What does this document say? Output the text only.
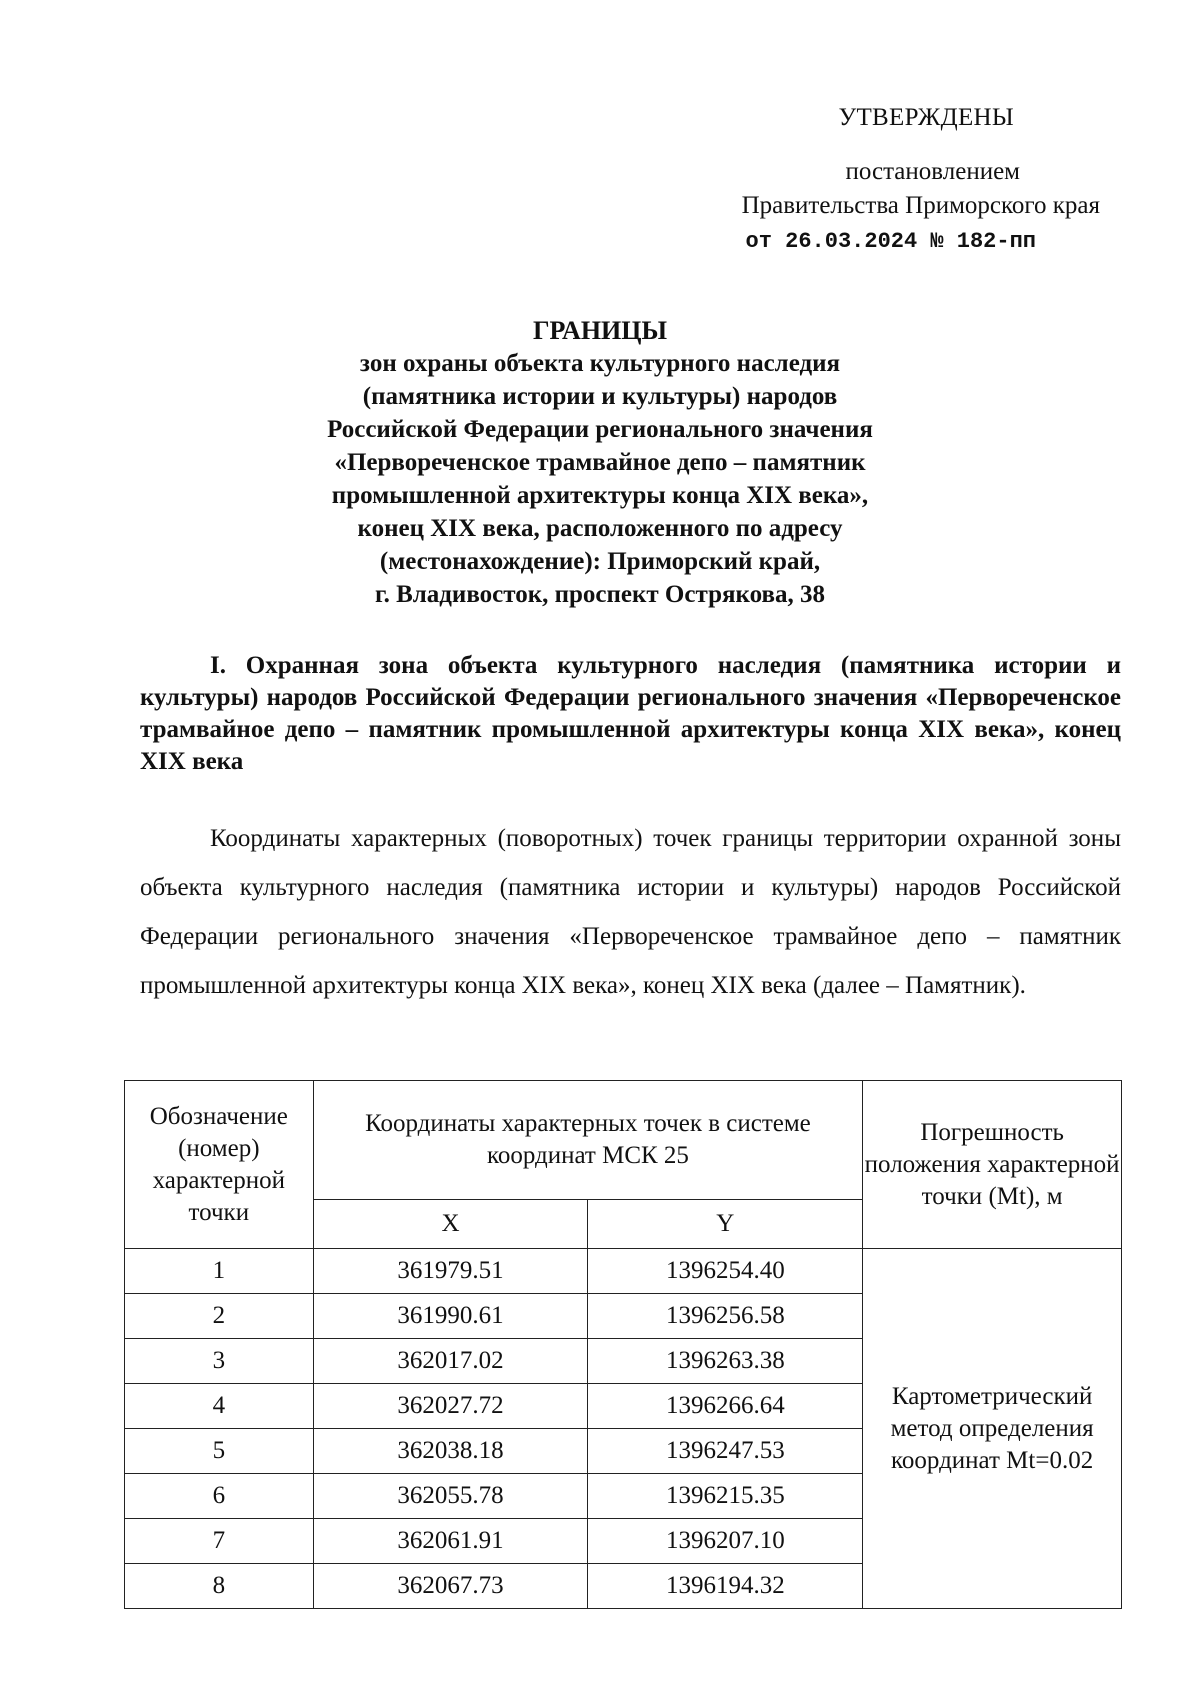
УТВЕРЖДЕНЫ
постановлением
Правительства Приморского края
от 26.03.2024 № 182-пп
ГРАНИЦЫ
зон охраны объекта культурного наследия
(памятника истории и культуры) народов
Российской Федерации регионального значения
«Первореченское трамвайное депо – памятник
промышленной архитектуры конца XIX века»,
конец XIX века, расположенного по адресу
(местонахождение): Приморский край,
г. Владивосток, проспект Острякова, 38
I. Охранная зона объекта культурного наследия (памятника истории и культуры) народов Российской Федерации регионального значения «Первореченское трамвайное депо – памятник промышленной архитектуры конца XIX века», конец XIX века
Координаты характерных (поворотных) точек границы территории охранной зоны объекта культурного наследия (памятника истории и культуры) народов Российской Федерации регионального значения «Первореченское трамвайное депо – памятник промышленной архитектуры конца XIX века», конец XIX века (далее – Памятник).
Обозначение (номер) характерной точки	Координаты характерных точек в системе координат МСК 25		Погрешность положения характерной точки (Mt), м
	X	Y	
1	361979.51	1396254.40	Картометрический метод определения координат Mt=0.02
2	361990.61	1396256.58	
3	362017.02	1396263.38	
4	362027.72	1396266.64	
5	362038.18	1396247.53	
6	362055.78	1396215.35	
7	362061.91	1396207.10	
8	362067.73	1396194.32	
